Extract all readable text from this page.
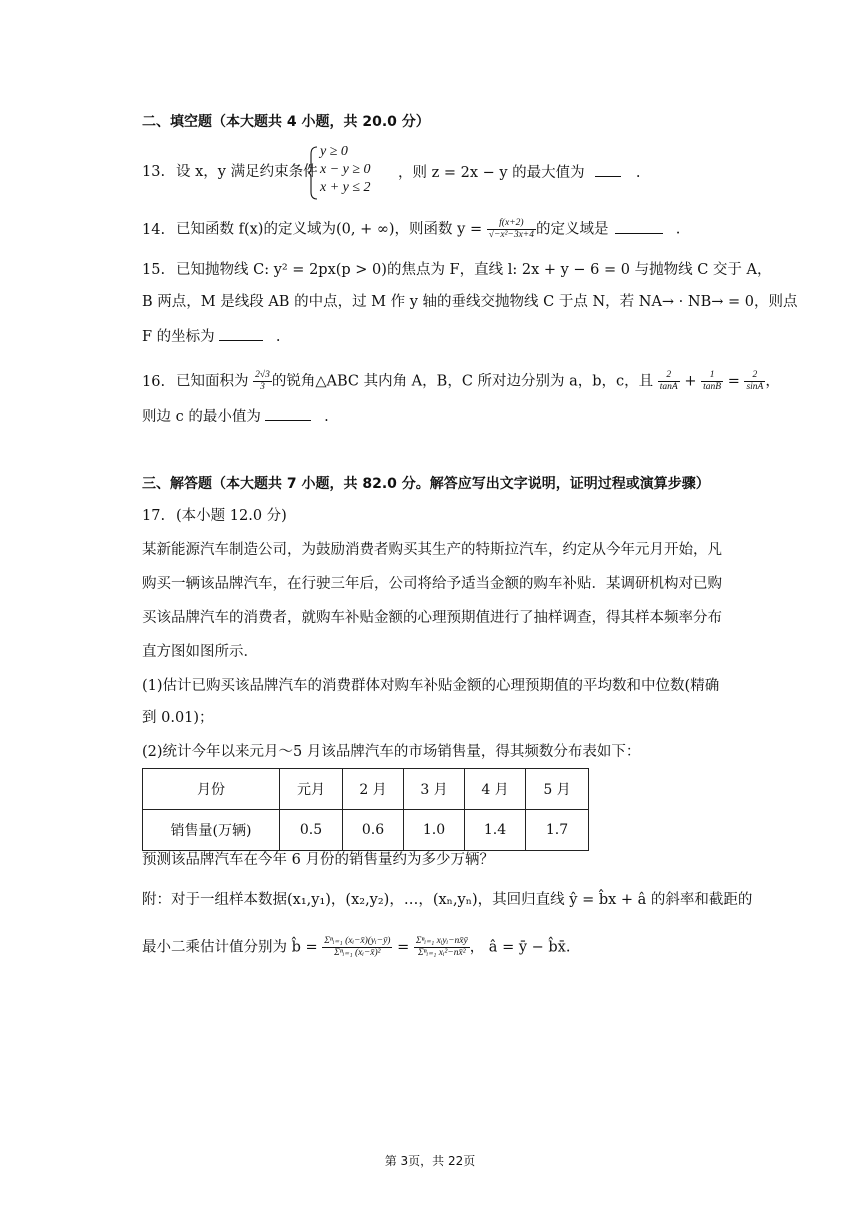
二、填空题（本大题共 4 小题，共 20.0 分）
13. 设 x，y 满足约束条件
y ≥ 0
x − y ≥ 0
x + y ≤ 2
，则 z = 2x − y 的最大值为	.
14. 已知函数 f(x)的定义域为(0, + ∞)，则函数 $y = \frac{f(x+2)}{\text{√−x²−3x+4}}$ 的定义域是	.
15. 已知抛物线 C: y² = 2px(p > 0)的焦点为 F，直线 l: 2x + y − 6 = 0 与抛物线 C 交于 A，
B 两点，M 是线段 AB 的中点，过 M 作 y 轴的垂线交抛物线 C 于点 N，若 NA→ · NB→ = 0，则点
F 的坐标为	.
16. 已知面积为 $\frac{2√3}{3}$ 的锐角△ABC 其内角 A，B，C 所对边分别为 a，b，c，且 $\frac{2}{\tan A} + \frac{1}{\tan B} = \frac{2}{\sin A}$ ，
则边 c 的最小值为	.
三、解答题（本大题共 7 小题，共 82.0 分。解答应写出文字说明，证明过程或演算步骤）
17. (本小题 12.0 分)
某新能源汽车制造公司，为鼓励消费者购买其生产的特斯拉汽车，约定从今年元月开始，凡
购买一辆该品牌汽车，在行驶三年后，公司将给予适当金额的购车补贴．某调研机构对已购
买该品牌汽车的消费者，就购车补贴金额的心理预期值进行了抽样调查，得其样本频率分布
直方图如图所示．
(1)估计已购买该品牌汽车的消费群体对购车补贴金额的心理预期值的平均数和中位数(精确
到 0.01)；
(2)统计今年以来元月～5 月该品牌汽车的市场销售量，得其频数分布表如下：
月份	元月	2 月	3 月	4 月	5 月
销售量(万辆)	0.5	0.6	1.0	1.4	1.7
预测该品牌汽车在今年 6 月份的销售量约为多少万辆？
附：对于一组样本数据(x₁,y₁)，(x₂,y₂)，…，(xₙ,yₙ)，其回归直线 ŷ = b̂x + â 的斜率和截距的
最小二乘估计值分别为 b̂ = $\frac{\text{Σⁿᵢ₌₁ (xᵢ−x̄)(yᵢ−ȳ)}}{\text{Σⁿᵢ₌₁ (xᵢ−x̄)²}} = \frac{\text{Σⁿᵢ₌₁ xᵢyᵢ−nx̄ȳ}}{\text{Σⁿᵢ₌₁ xᵢ²−nx̄²}}$ ， â = ȳ − b̂x̄.
第 3页，共 22页
